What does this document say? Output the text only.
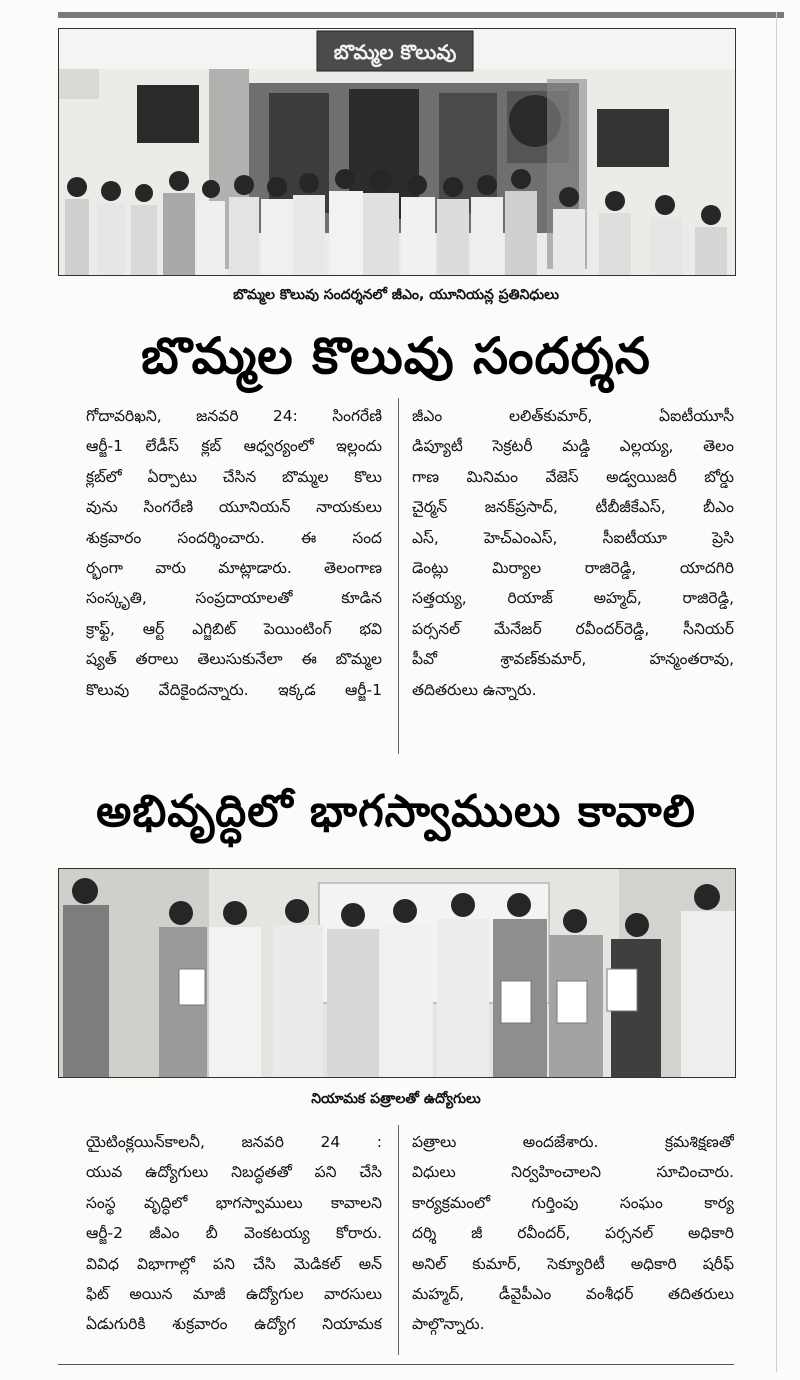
బొమ్మల కొలువు
బొమ్మల కొలువు సందర్శనలో జీఎం, యూనియన్ల ప్రతినిధులు
బొమ్మల కొలువు సందర్శన
గోదావరిఖని, జనవరి 24: సింగరేణి
ఆర్జీ-1 లేడీస్ క్లబ్ ఆధ్వర్యంలో ఇల్లందు
క్లబ్‌లో ఏర్పాటు చేసిన బొమ్మల కొలు
వును సింగరేణి యూనియన్ నాయకులు
శుక్రవారం సందర్శించారు. ఈ సంద
ర్భంగా వారు మాట్లాడారు. తెలంగాణ
సంస్కృతి, సంప్రదాయాలతో కూడిన
క్రాఫ్ట్, ఆర్ట్ ఎగ్జిబిట్ పెయింటింగ్ భవి
ష్యత్ తరాలు తెలుసుకునేలా ఈ బొమ్మల
కొలువు వేదికైందన్నారు. ఇక్కడ ఆర్జీ-1
జీఎం లలిత్‌కుమార్, ఏఐటీయూసీ
డిప్యూటీ సెక్రటరీ మడ్డి ఎల్లయ్య, తెలం
గాణ మినిమం వేజెస్ అడ్వయిజరీ బోర్డు
చైర్మన్ జనక్‌ప్రసాద్, టీబీజీకేఎస్, బీఎం
ఎస్, హెచ్ఎంఎస్, సీఐటీయూ ప్రెసి
డెంట్లు మిర్యాల రాజిరెడ్డి, యాదగిరి
సత్తయ్య, రియాజ్ అహ్మద్, రాజిరెడ్డి,
పర్సనల్ మేనేజర్ రవీందర్‌రెడ్డి, సీనియర్
పీవో శ్రావణ్‌కుమార్, హన్మంతరావు,
తదితరులు ఉన్నారు.
అభివృద్ధిలో భాగస్వాములు కావాలి
నియామక పత్రాలతో ఉద్యోగులు
యైటింక్లయిన్‌కాలనీ, జనవరి 24 :
యువ ఉద్యోగులు నిబద్ధతతో పని చేసి
సంస్థ వృద్ధిలో భాగస్వాములు కావాలని
ఆర్జీ-2 జీఎం బీ వెంకటయ్య కోరారు.
వివిధ విభాగాల్లో పని చేసి మెడికల్ అన్
ఫిట్ అయిన మాజీ ఉద్యోగుల వారసులు
ఏడుగురికి శుక్రవారం ఉద్యోగ నియామక
పత్రాలు అందజేశారు. క్రమశిక్షణతో
విధులు నిర్వహించాలని సూచించారు.
కార్యక్రమంలో గుర్తింపు సంఘం కార్య
దర్శి జీ రవీందర్, పర్సనల్ అధికారి
అనిల్ కుమార్, సెక్యూరిటీ అధికారి షరీఫ్
మహ్మద్, డీవైపీఎం వంశీధర్ తదితరులు
పాల్గొన్నారు.
